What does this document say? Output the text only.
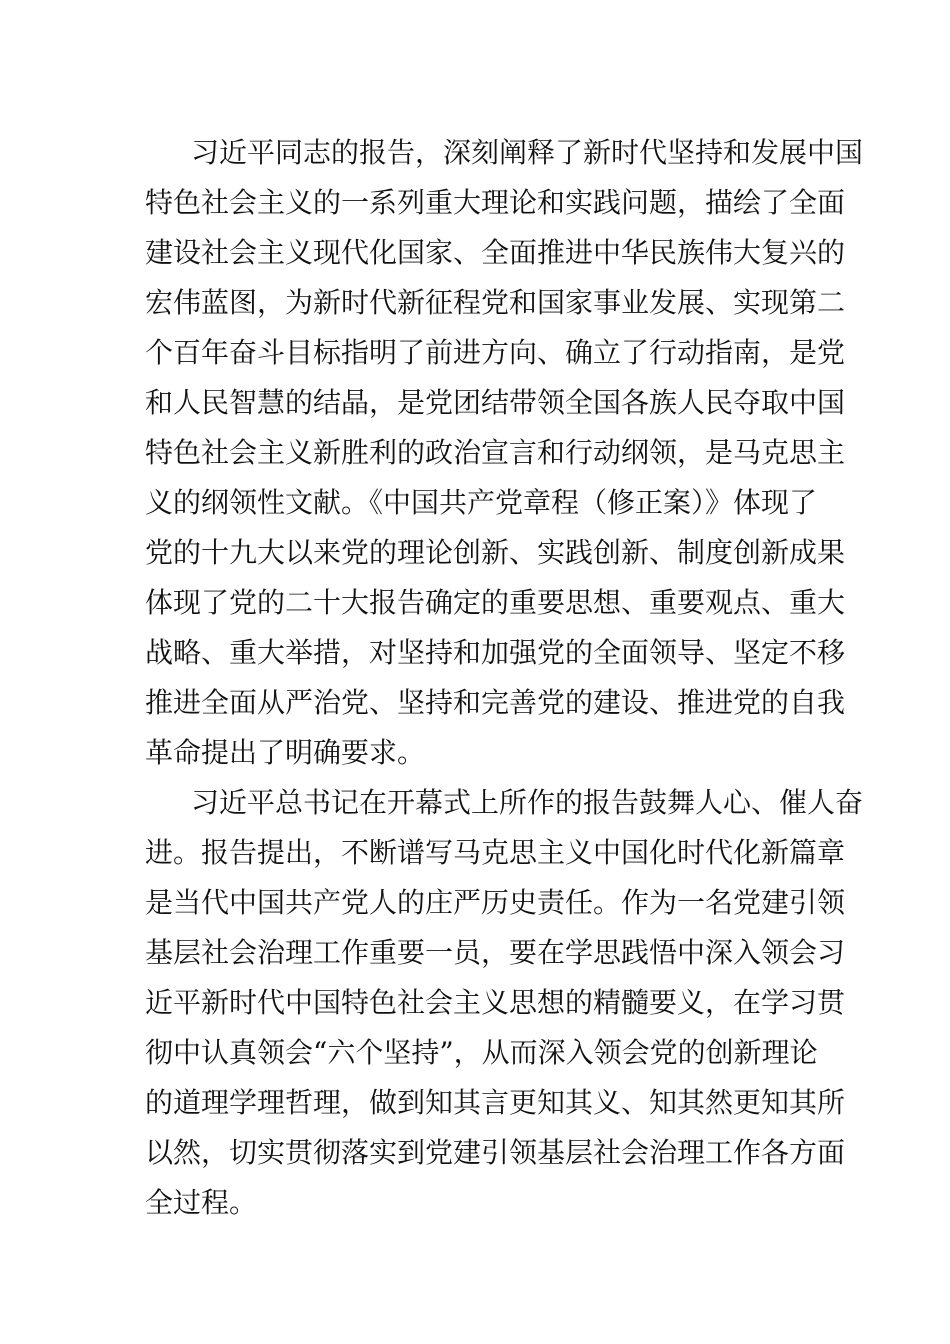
习近平同志的报告，深刻阐释了新时代坚持和发展中国
特色社会主义的一系列重大理论和实践问题，描绘了全面
建设社会主义现代化国家、全面推进中华民族伟大复兴的
宏伟蓝图，为新时代新征程党和国家事业发展、实现第二
个百年奋斗目标指明了前进方向、确立了行动指南，是党
和人民智慧的结晶，是党团结带领全国各族人民夺取中国
特色社会主义新胜利的政治宣言和行动纲领，是马克思主
义的纲领性文献。《中国共产党章程（修正案）》体现了
党的十九大以来党的理论创新、实践创新、制度创新成果
体现了党的二十大报告确定的重要思想、重要观点、重大
战略、重大举措，对坚持和加强党的全面领导、坚定不移
推进全面从严治党、坚持和完善党的建设、推进党的自我
革命提出了明确要求。

习近平总书记在开幕式上所作的报告鼓舞人心、催人奋
进。报告提出，不断谱写马克思主义中国化时代化新篇章
是当代中国共产党人的庄严历史责任。作为一名党建引领
基层社会治理工作重要一员，要在学思践悟中深入领会习
近平新时代中国特色社会主义思想的精髓要义，在学习贯
彻中认真领会“六个坚持”，从而深入领会党的创新理论
的道理学理哲理，做到知其言更知其义、知其然更知其所
以然，切实贯彻落实到党建引领基层社会治理工作各方面
全过程。
